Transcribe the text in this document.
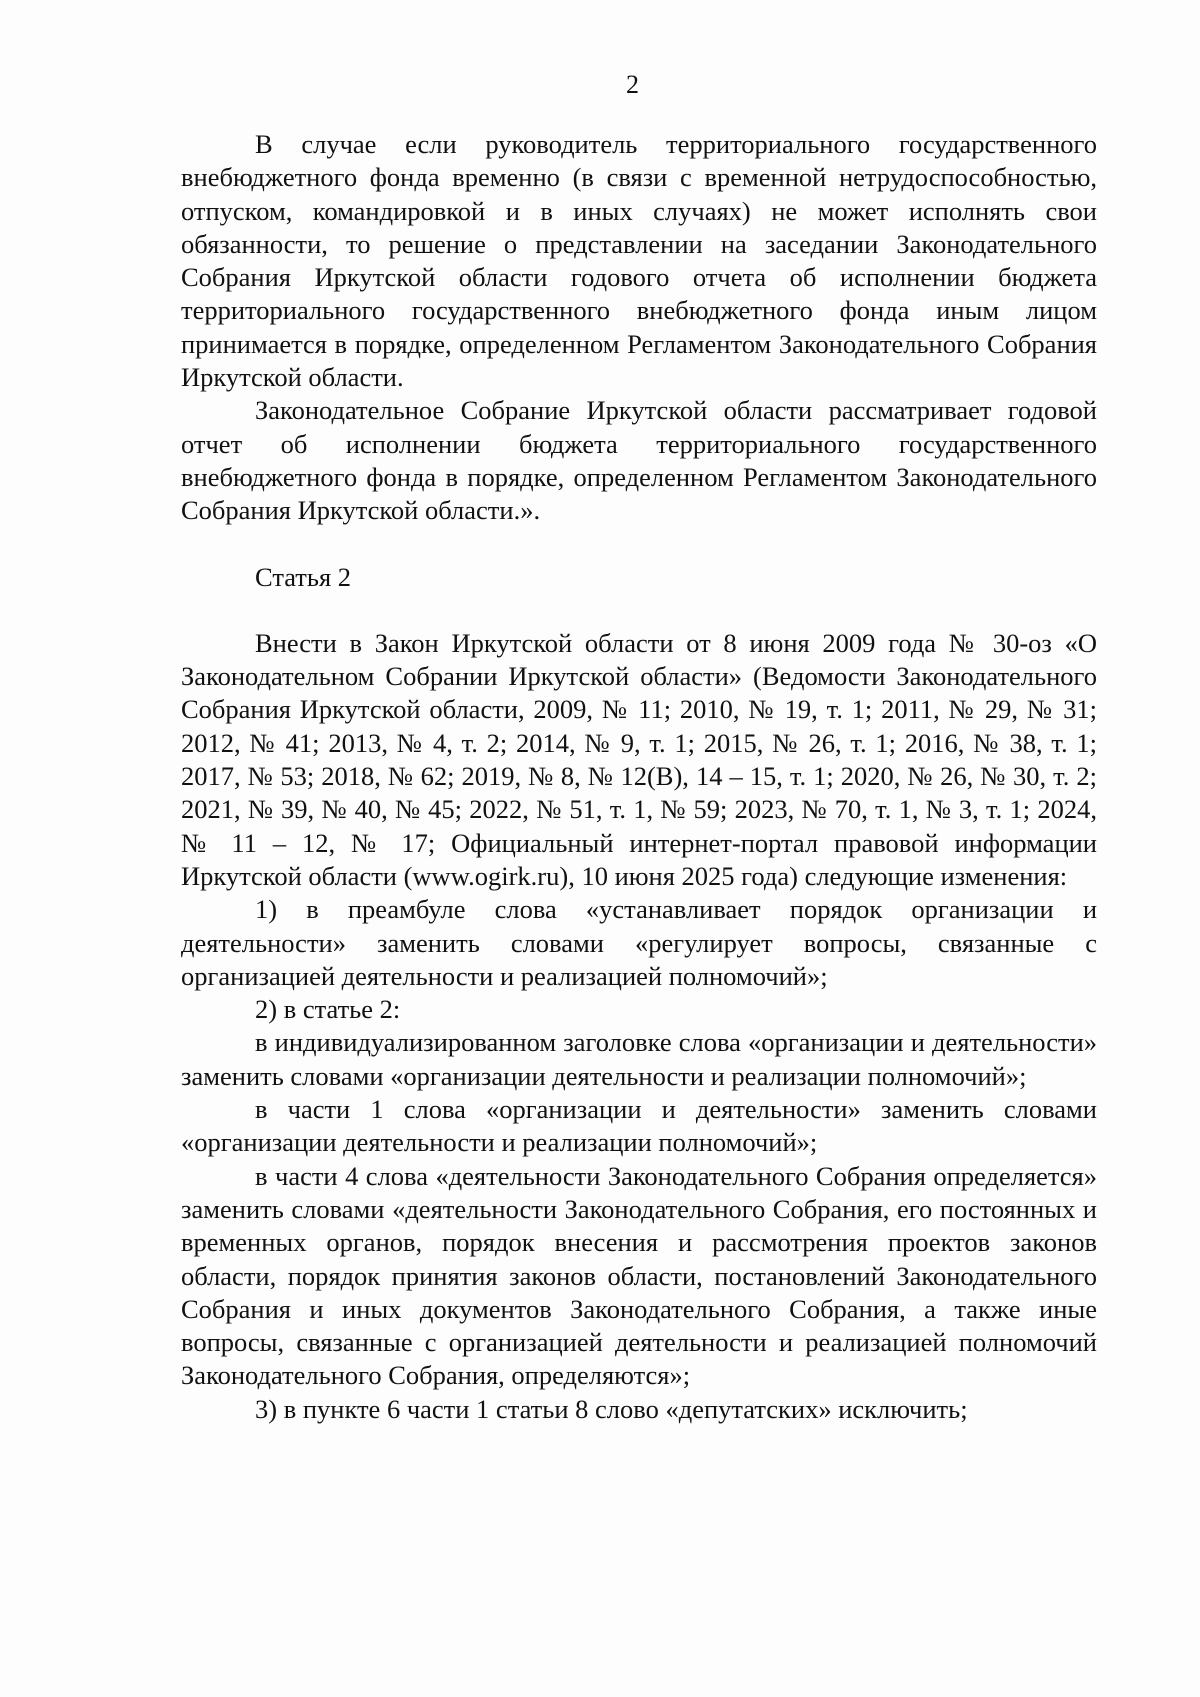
2

В случае если руководитель территориального государственного внебюджетного фонда временно (в связи с временной нетрудоспособностью, отпуском, командировкой и в иных случаях) не может исполнять свои обязанности, то решение о представлении на заседании Законодательного Собрания Иркутской области годового отчета об исполнении бюджета территориального государственного внебюджетного фонда иным лицом принимается в порядке, определенном Регламентом Законодательного Собрания Иркутской области.

Законодательное Собрание Иркутской области рассматривает годовой отчет об исполнении бюджета территориального государственного внебюджетного фонда в порядке, определенном Регламентом Законодательного Собрания Иркутской области.».

Статья 2

Внести в Закон Иркутской области от 8 июня 2009 года № 30-оз «О Законодательном Собрании Иркутской области» (Ведомости Законодательного Собрания Иркутской области, 2009, № 11; 2010, № 19, т. 1; 2011, № 29, № 31; 2012, № 41; 2013, № 4, т. 2; 2014, № 9, т. 1; 2015, № 26, т. 1; 2016, № 38, т. 1; 2017, № 53; 2018, № 62; 2019, № 8, № 12(В), 14 – 15, т. 1; 2020, № 26, № 30, т. 2; 2021, № 39, № 40, № 45; 2022, № 51, т. 1, № 59; 2023, № 70, т. 1, № 3, т. 1; 2024, № 11 – 12, № 17; Официальный интернет-портал правовой информации Иркутской области (www.ogirk.ru), 10 июня 2025 года) следующие изменения:

1) в преамбуле слова «устанавливает порядок организации и деятельности» заменить словами «регулирует вопросы, связанные с организацией деятельности и реализацией полномочий»;

2) в статье 2:

в индивидуализированном заголовке слова «организации и деятельности» заменить словами «организации деятельности и реализации полномочий»;

в части 1 слова «организации и деятельности» заменить словами «организации деятельности и реализации полномочий»;

в части 4 слова «деятельности Законодательного Собрания определяется» заменить словами «деятельности Законодательного Собрания, его постоянных и временных органов, порядок внесения и рассмотрения проектов законов области, порядок принятия законов области, постановлений Законодательного Собрания и иных документов Законодательного Собрания, а также иные вопросы, связанные с организацией деятельности и реализацией полномочий Законодательного Собрания, определяются»;

3) в пункте 6 части 1 статьи 8 слово «депутатских» исключить;
